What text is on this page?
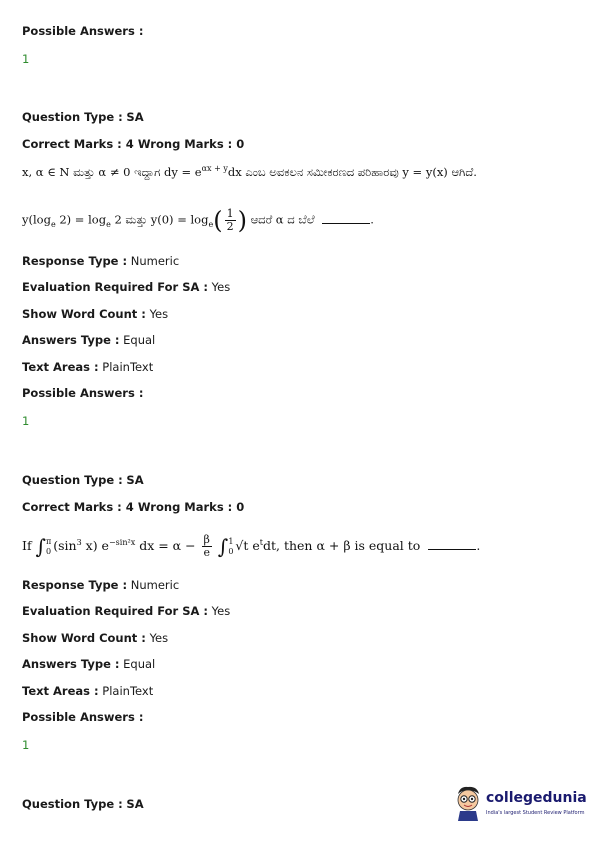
Possible Answers :
1
Question Type : SA
Correct Marks : 4 Wrong Marks : 0
x, α ∈ N ಮತ್ತು α ≠ 0 ಇದ್ದಾಗ dy = $e^{\alpha x + y}dx$ ಎಂಬ ಅವಕಲನ ಸಮೀಕರಣದ ಪರಿಹಾರವು y = y(x) ಆಗಿದೆ.
$y(\log_e$ $2) = \log_e 2$ ಮತ್ತು $y(0) = \log_e( \frac{1}{2}$ ) ಆದರೆ α ದ ಬೆಲೆ	.
Response Type : Numeric
Evaluation Required For SA : Yes
Show Word Count : Yes
Answers Type : Equal
Text Areas : PlainText
Possible Answers :
1
Question Type : SA
Correct Marks : 4 Wrong Marks : 0
If ∫ π
0 ($\sin^3$ x) $e^{-sin^2x}$ dx = $\alpha - \frac{\beta}{e}$ ∫ 1
0 √t $e^tdt$, then α + β is equal to	.
Response Type : Numeric
Evaluation Required For SA : Yes
Show Word Count : Yes
Answers Type : Equal
Text Areas : PlainText
Possible Answers :
1
Question Type : SA	collegedunia
India's largest Student Review Platform
